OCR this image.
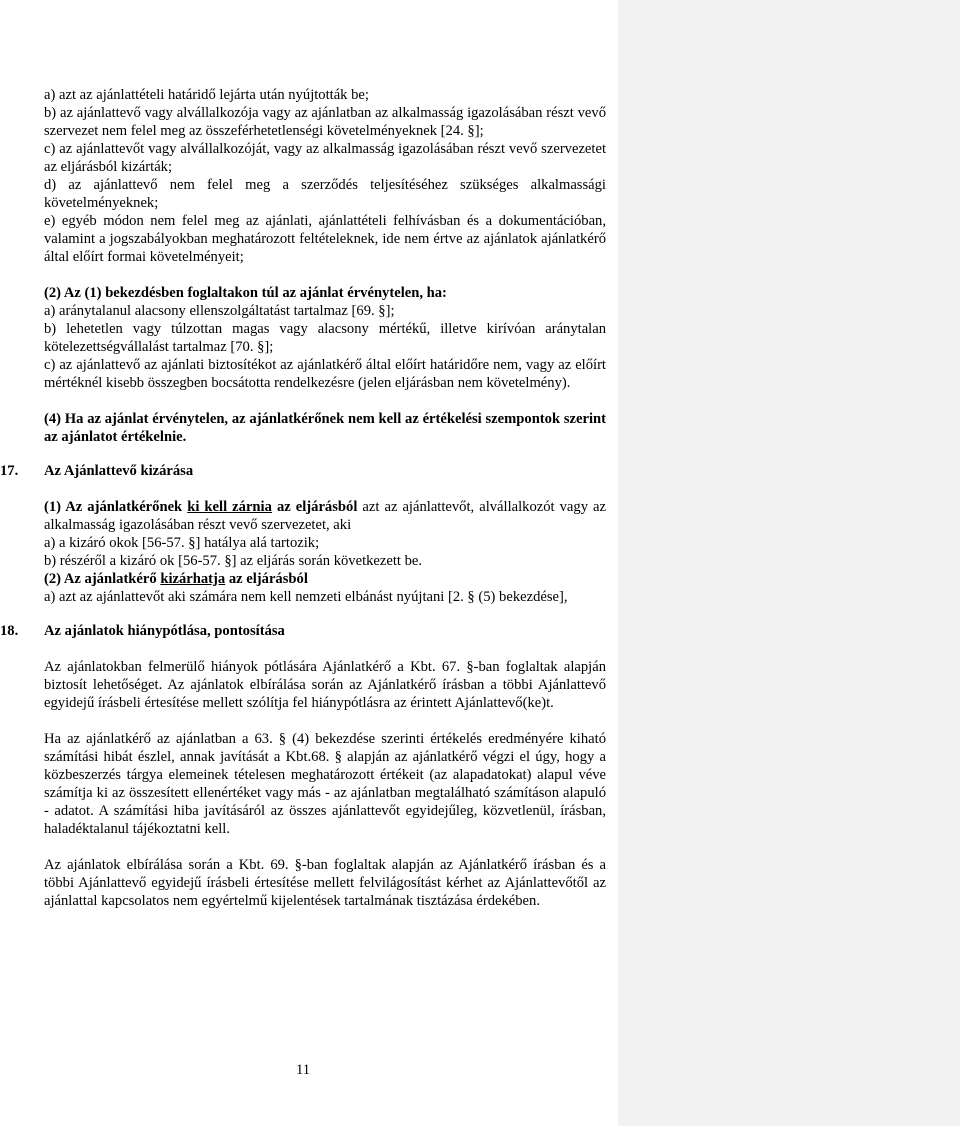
a) azt az ajánlattételi határidő lejárta után nyújtották be;

b) az ajánlattevő vagy alvállalkozója vagy az ajánlatban az alkalmasság igazolásában részt vevő szervezet nem felel meg az összeférhetetlenségi követelményeknek [24. §];

c) az ajánlattevőt vagy alvállalkozóját, vagy az alkalmasság igazolásában részt vevő szervezetet az eljárásból kizárták;

d) az ajánlattevő nem felel meg a szerződés teljesítéséhez szükséges alkalmassági követelményeknek;

e) egyéb módon nem felel meg az ajánlati, ajánlattételi felhívásban és a dokumentációban, valamint a jogszabályokban meghatározott feltételeknek, ide nem értve az ajánlatok ajánlatkérő által előírt formai követelményeit;

(2) Az (1) bekezdésben foglaltakon túl az ajánlat érvénytelen, ha:

a) aránytalanul alacsony ellenszolgáltatást tartalmaz [69. §];

b) lehetetlen vagy túlzottan magas vagy alacsony mértékű, illetve kirívóan aránytalan kötelezettségvállalást tartalmaz [70. §];

c) az ajánlattevő az ajánlati biztosítékot az ajánlatkérő által előírt határidőre nem, vagy az előírt mértéknél kisebb összegben bocsátotta rendelkezésre (jelen eljárásban nem követelmény).

(4) Ha az ajánlat érvénytelen, az ajánlatkérőnek nem kell az értékelési szempontok szerint az ajánlatot értékelnie.

17. Az Ajánlattevő kizárása

(1) Az ajánlatkérőnek ki kell zárnia az eljárásból azt az ajánlattevőt, alvállalkozót vagy az alkalmasság igazolásában részt vevő szervezetet, aki

a) a kizáró okok [56-57. §] hatálya alá tartozik;

b) részéről a kizáró ok [56-57. §] az eljárás során következett be.

(2) Az ajánlatkérő kizárhatja az eljárásból

a) azt az ajánlattevőt aki számára nem kell nemzeti elbánást nyújtani [2. § (5) bekezdése],

18. Az ajánlatok hiánypótlása, pontosítása

Az ajánlatokban felmerülő hiányok pótlására Ajánlatkérő a Kbt. 67. §-ban foglaltak alapján biztosít lehetőséget. Az ajánlatok elbírálása során az Ajánlatkérő írásban a többi Ajánlattevő egyidejű írásbeli értesítése mellett szólítja fel hiánypótlásra az érintett Ajánlattevő(ke)t.

Ha az ajánlatkérő az ajánlatban a 63. § (4) bekezdése szerinti értékelés eredményére kiható számítási hibát észlel, annak javítását a Kbt.68. § alapján az ajánlatkérő végzi el úgy, hogy a közbeszerzés tárgya elemeinek tételesen meghatározott értékeit (az alapadatokat) alapul véve számítja ki az összesített ellenértéket vagy más - az ajánlatban megtalálható számításon alapuló - adatot. A számítási hiba javításáról az összes ajánlattevőt egyidejűleg, közvetlenül, írásban, haladéktalanul tájékoztatni kell.

Az ajánlatok elbírálása során a Kbt. 69. §-ban foglaltak alapján az Ajánlatkérő írásban és a többi Ajánlattevő egyidejű írásbeli értesítése mellett felvilágosítást kérhet az Ajánlattevőtől az ajánlattal kapcsolatos nem egyértelmű kijelentések tartalmának tisztázása érdekében.

11
